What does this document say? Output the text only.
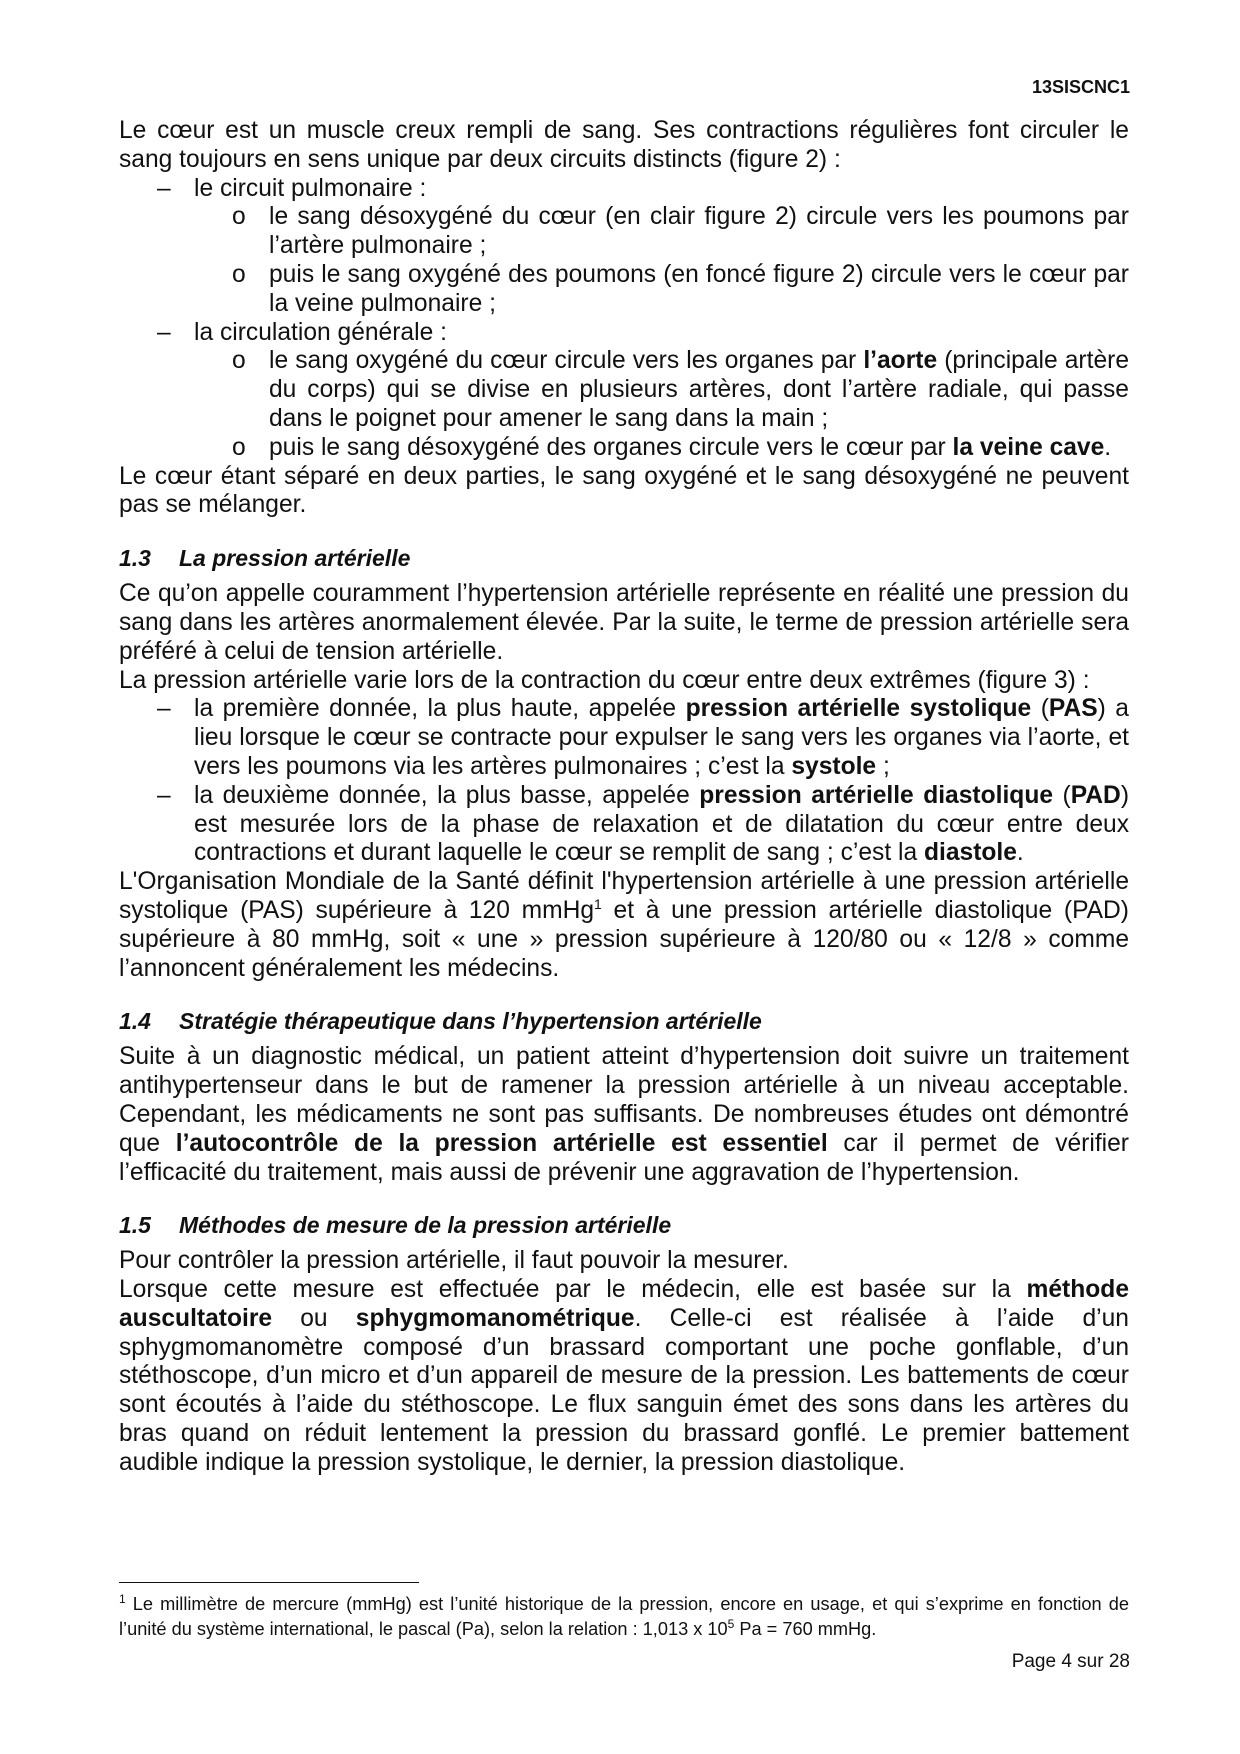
13SISCNC1

Le cœur est un muscle creux rempli de sang. Ses contractions régulières font circuler le sang toujours en sens unique par deux circuits distincts (figure 2) :

– le circuit pulmonaire :
o le sang désoxygéné du cœur (en clair figure 2) circule vers les poumons par l’artère pulmonaire ;
o puis le sang oxygéné des poumons (en foncé figure 2) circule vers le cœur par la veine pulmonaire ;
– la circulation générale :
o le sang oxygéné du cœur circule vers les organes par l’aorte (principale artère du corps) qui se divise en plusieurs artères, dont l’artère radiale, qui passe dans le poignet pour amener le sang dans la main ;
o puis le sang désoxygéné des organes circule vers le cœur par la veine cave.

Le cœur étant séparé en deux parties, le sang oxygéné et le sang désoxygéné ne peuvent pas se mélanger.

1.3 La pression artérielle

Ce qu’on appelle couramment l’hypertension artérielle représente en réalité une pression du sang dans les artères anormalement élevée. Par la suite, le terme de pression artérielle sera préféré à celui de tension artérielle.

La pression artérielle varie lors de la contraction du cœur entre deux extrêmes (figure 3) :

– la première donnée, la plus haute, appelée pression artérielle systolique (PAS) a lieu lorsque le cœur se contracte pour expulser le sang vers les organes via l’aorte, et vers les poumons via les artères pulmonaires ; c’est la systole ;
– la deuxième donnée, la plus basse, appelée pression artérielle diastolique (PAD) est mesurée lors de la phase de relaxation et de dilatation du cœur entre deux contractions et durant laquelle le cœur se remplit de sang ; c’est la diastole.

L'Organisation Mondiale de la Santé définit l'hypertension artérielle à une pression artérielle systolique (PAS) supérieure à 120 mmHg$^1$ et à une pression artérielle diastolique (PAD) supérieure à 80 mmHg, soit « une » pression supérieure à 120/80 ou « 12/8 » comme l’annoncent généralement les médecins.

1.4 Stratégie thérapeutique dans l’hypertension artérielle

Suite à un diagnostic médical, un patient atteint d’hypertension doit suivre un traitement antihypertenseur dans le but de ramener la pression artérielle à un niveau acceptable. Cependant, les médicaments ne sont pas suffisants. De nombreuses études ont démontré que l’autocontrôle de la pression artérielle est essentiel car il permet de vérifier l’efficacité du traitement, mais aussi de prévenir une aggravation de l’hypertension.

1.5 Méthodes de mesure de la pression artérielle

Pour contrôler la pression artérielle, il faut pouvoir la mesurer.

Lorsque cette mesure est effectuée par le médecin, elle est basée sur la méthode auscultatoire ou sphygmomanométrique. Celle-ci est réalisée à l’aide d’un sphygmomanomètre composé d’un brassard comportant une poche gonflable, d’un stéthoscope, d’un micro et d’un appareil de mesure de la pression. Les battements de cœur sont écoutés à l’aide du stéthoscope. Le flux sanguin émet des sons dans les artères du bras quand on réduit lentement la pression du brassard gonflé. Le premier battement audible indique la pression systolique, le dernier, la pression diastolique.

$^1$ Le millimètre de mercure (mmHg) est l’unité historique de la pression, encore en usage, et qui s’exprime en fonction de l’unité du système international, le pascal (Pa), selon la relation : 1,013 x $10^5$ Pa = 760 mmHg.
Page 4 sur 28
